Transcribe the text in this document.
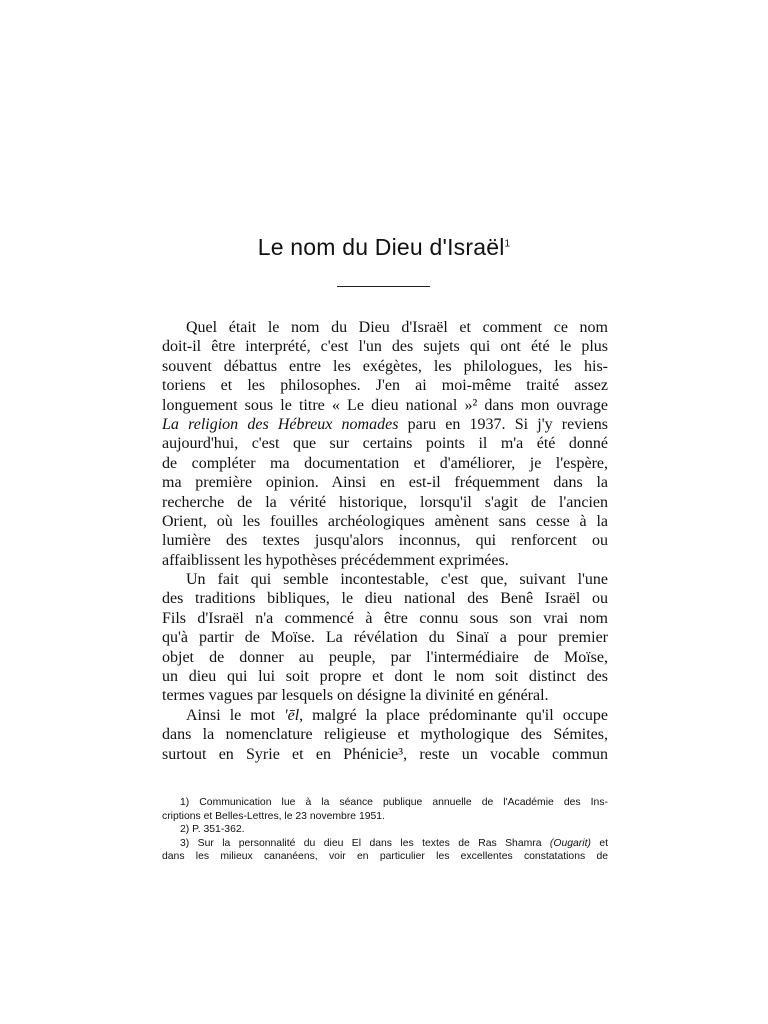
Le nom du Dieu d'Israël$^1$
Quel était le nom du Dieu d'Israël et comment ce nom
doit-il être interprété, c'est l'un des sujets qui ont été le plus
souvent débattus entre les exégètes, les philologues, les his-
toriens et les philosophes. J'en ai moi-même traité assez
longuement sous le titre « Le dieu national »² dans mon ouvrage
La religion des Hébreux nomades paru en 1937. Si j'y reviens
aujourd'hui, c'est que sur certains points il m'a été donné
de compléter ma documentation et d'améliorer, je l'espère,
ma première opinion. Ainsi en est-il fréquemment dans la
recherche de la vérité historique, lorsqu'il s'agit de l'ancien
Orient, où les fouilles archéologiques amènent sans cesse à la
lumière des textes jusqu'alors inconnus, qui renforcent ou
affaiblissent les hypothèses précédemment exprimées.
Un fait qui semble incontestable, c'est que, suivant l'une
des traditions bibliques, le dieu national des Benê Israël ou
Fils d'Israël n'a commencé à être connu sous son vrai nom
qu'à partir de Moïse. La révélation du Sinaï a pour premier
objet de donner au peuple, par l'intermédiaire de Moïse,
un dieu qui lui soit propre et dont le nom soit distinct des
termes vagues par lesquels on désigne la divinité en général.
Ainsi le mot 'ēl, malgré la place prédominante qu'il occupe
dans la nomenclature religieuse et mythologique des Sémites,
surtout en Syrie et en Phénicie³, reste un vocable commun
1) Communication lue à la séance publique annuelle de l'Académie des Ins-
criptions et Belles-Lettres, le 23 novembre 1951.
2) P. 351-362.
3) Sur la personnalité du dieu El dans les textes de Ras Shamra (Ougarit) et
dans les milieux cananéens, voir en particulier les excellentes constatations de
